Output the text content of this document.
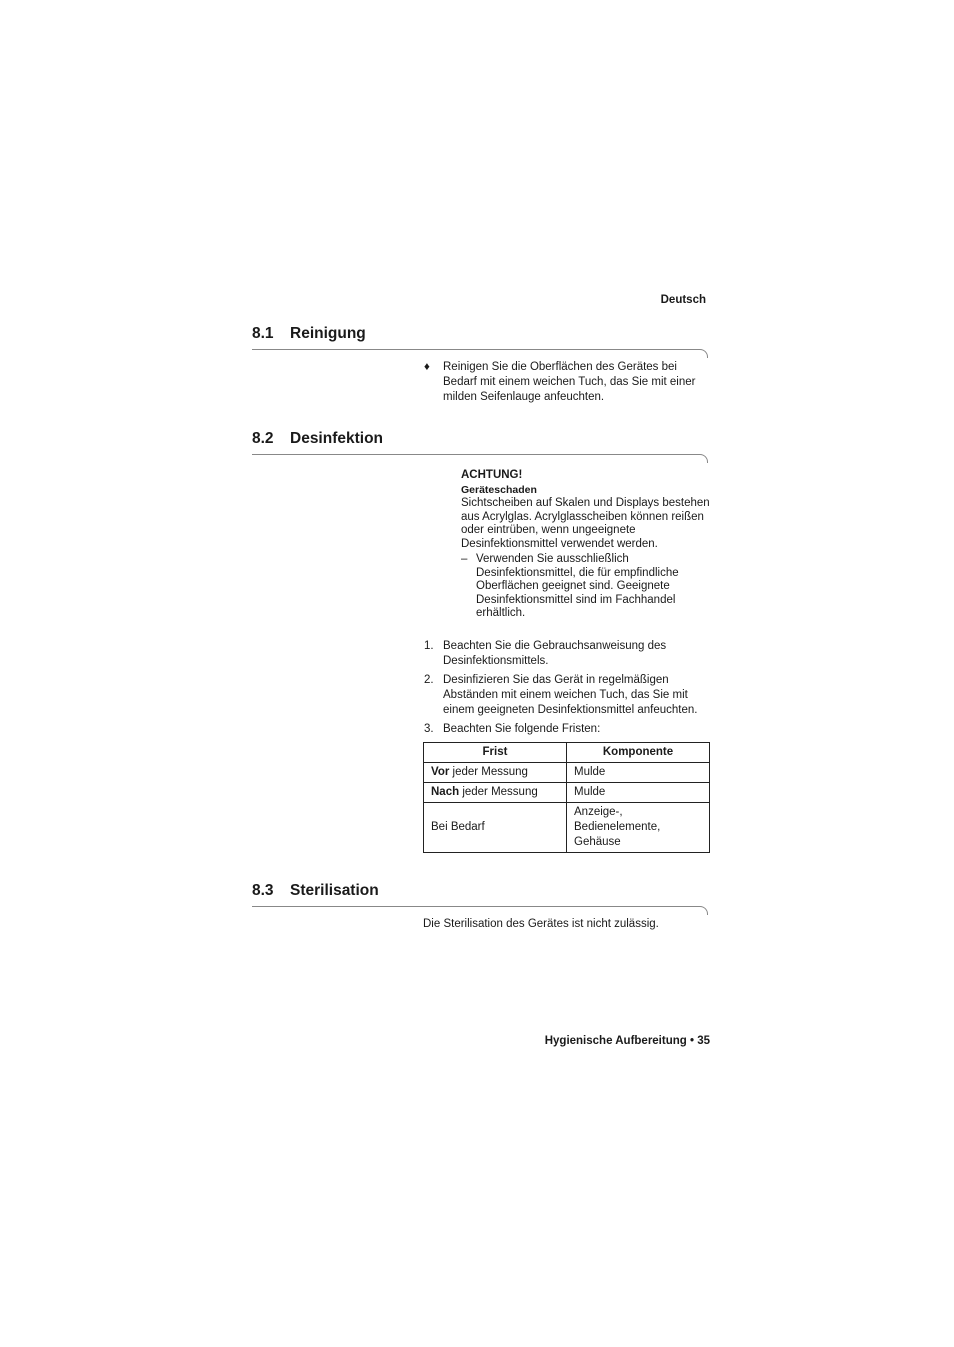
Deutsch
8.1 Reinigung
♦ Reinigen Sie die Oberflächen des Gerätes bei Bedarf mit einem weichen Tuch, das Sie mit einer milden Seifenlauge anfeuchten.
8.2 Desinfektion
ACHTUNG!
Geräteschaden
Sichtscheiben auf Skalen und Displays bestehen aus Acrylglas. Acrylglasscheiben können reißen oder eintrüben, wenn ungeeignete Desinfektionsmittel verwendet werden.
– Verwenden Sie ausschließlich Desinfektionsmittel, die für empfindliche Oberflächen geeignet sind. Geeignete Desinfektionsmittel sind im Fachhandel erhältlich.
1. Beachten Sie die Gebrauchsanweisung des Desinfektionsmittels.
2. Desinfizieren Sie das Gerät in regelmäßigen Abständen mit einem weichen Tuch, das Sie mit einem geeigneten Desinfektionsmittel anfeuchten.
3. Beachten Sie folgende Fristen:
Frist	Komponente
Vor jeder Messung	Mulde
Nach jeder Messung	Mulde
Bei Bedarf	Anzeige-,
Bedienelemente,
Gehäuse
8.3 Sterilisation
Die Sterilisation des Gerätes ist nicht zulässig.
Hygienische Aufbereitung • 35
